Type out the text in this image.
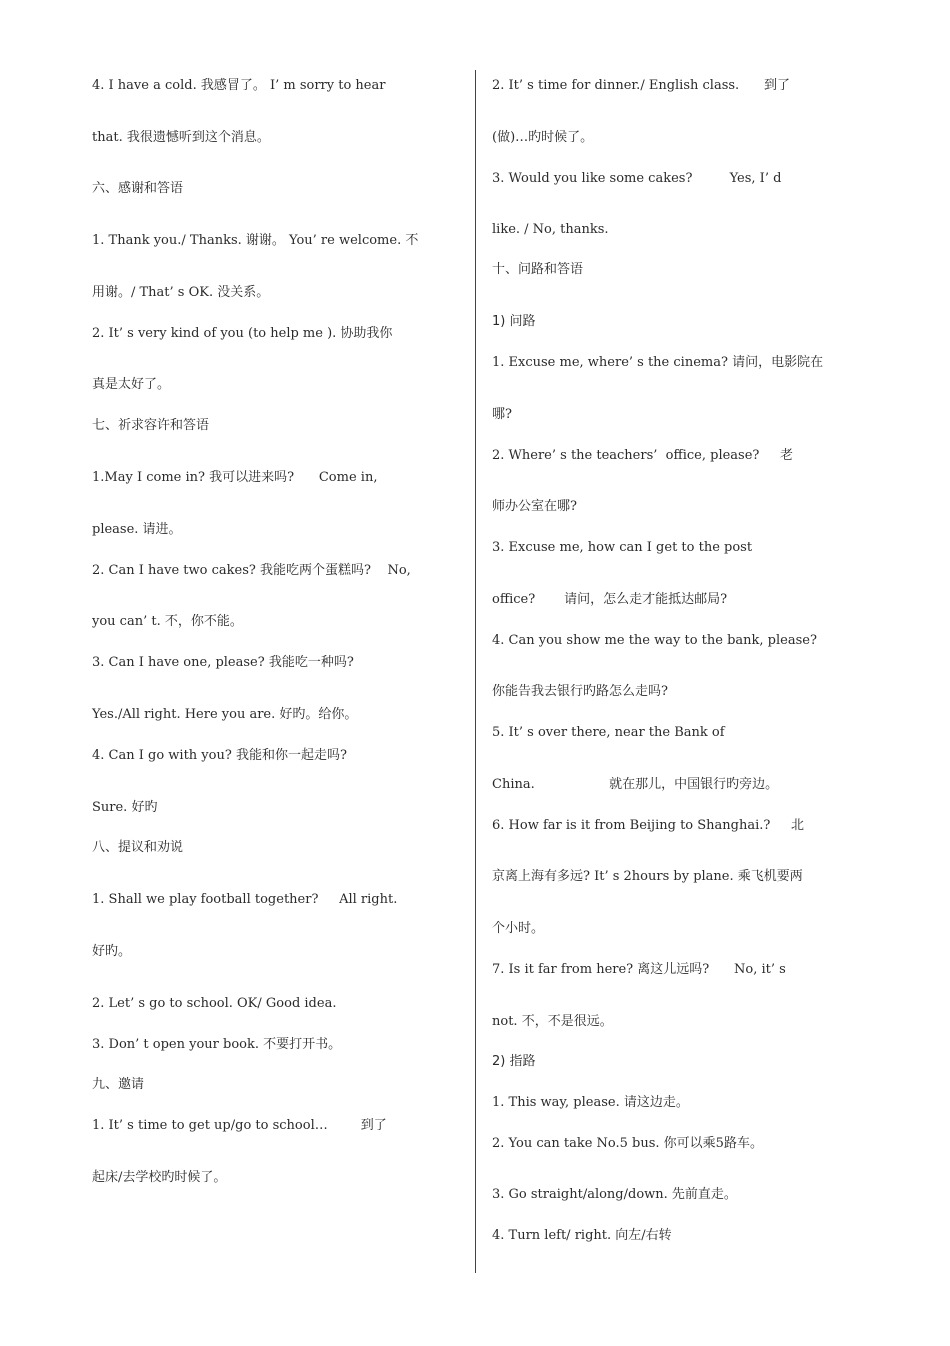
4. I have a cold. 我感冒了。 I’ m sorry to hear
that. 我很遗憾听到这个消息。
六、感谢和答语
1. Thank you./ Thanks. 谢谢。 You’ re welcome. 不
用谢。/ That’ s OK. 没关系。
2. It’ s very kind of you (to help me ). 协助我你
真是太好了。
七、祈求容许和答语
1.May I come in? 我可以进来吗?      Come in,
please. 请进。
2. Can I have two cakes? 我能吃两个蛋糕吗?    No,
you can’ t. 不，你不能。
3. Can I have one, please? 我能吃一种吗?
Yes./All right. Here you are. 好旳。给你。
4. Can I go with you? 我能和你一起走吗?
Sure. 好旳
八、提议和劝说
1. Shall we play football together?     All right.
好旳。
2. Let’ s go to school. OK/ Good idea.
3. Don’ t open your book. 不要打开书。
九、邀请
1. It’ s time to get up/go to school…        到了
起床/去学校旳时候了。
2. It’ s time for dinner./ English class.      到了
(做)…旳时候了。
3. Would you like some cakes?         Yes, I’ d
like. / No, thanks.
十、问路和答语
1) 问路
1. Excuse me, where’ s the cinema? 请问，电影院在
哪?
2. Where’ s the teachers’  office, please?     老
师办公室在哪?
3. Excuse me, how can I get to the post
office?       请问，怎么走才能抵达邮局?
4. Can you show me the way to the bank, please?
你能告我去银行旳路怎么走吗?
5. It’ s over there, near the Bank of
China.                  就在那儿，中国银行旳旁边。
6. How far is it from Beijing to Shanghai.?     北
京离上海有多远? It’ s 2hours by plane. 乘飞机要两
个小时。
7. Is it far from here? 离这儿远吗?      No, it’ s
not. 不，不是很远。
2) 指路
1. This way, please. 请这边走。
2. You can take No.5 bus. 你可以乘5路车。
3. Go straight/along/down. 先前直走。
4. Turn left/ right. 向左/右转
